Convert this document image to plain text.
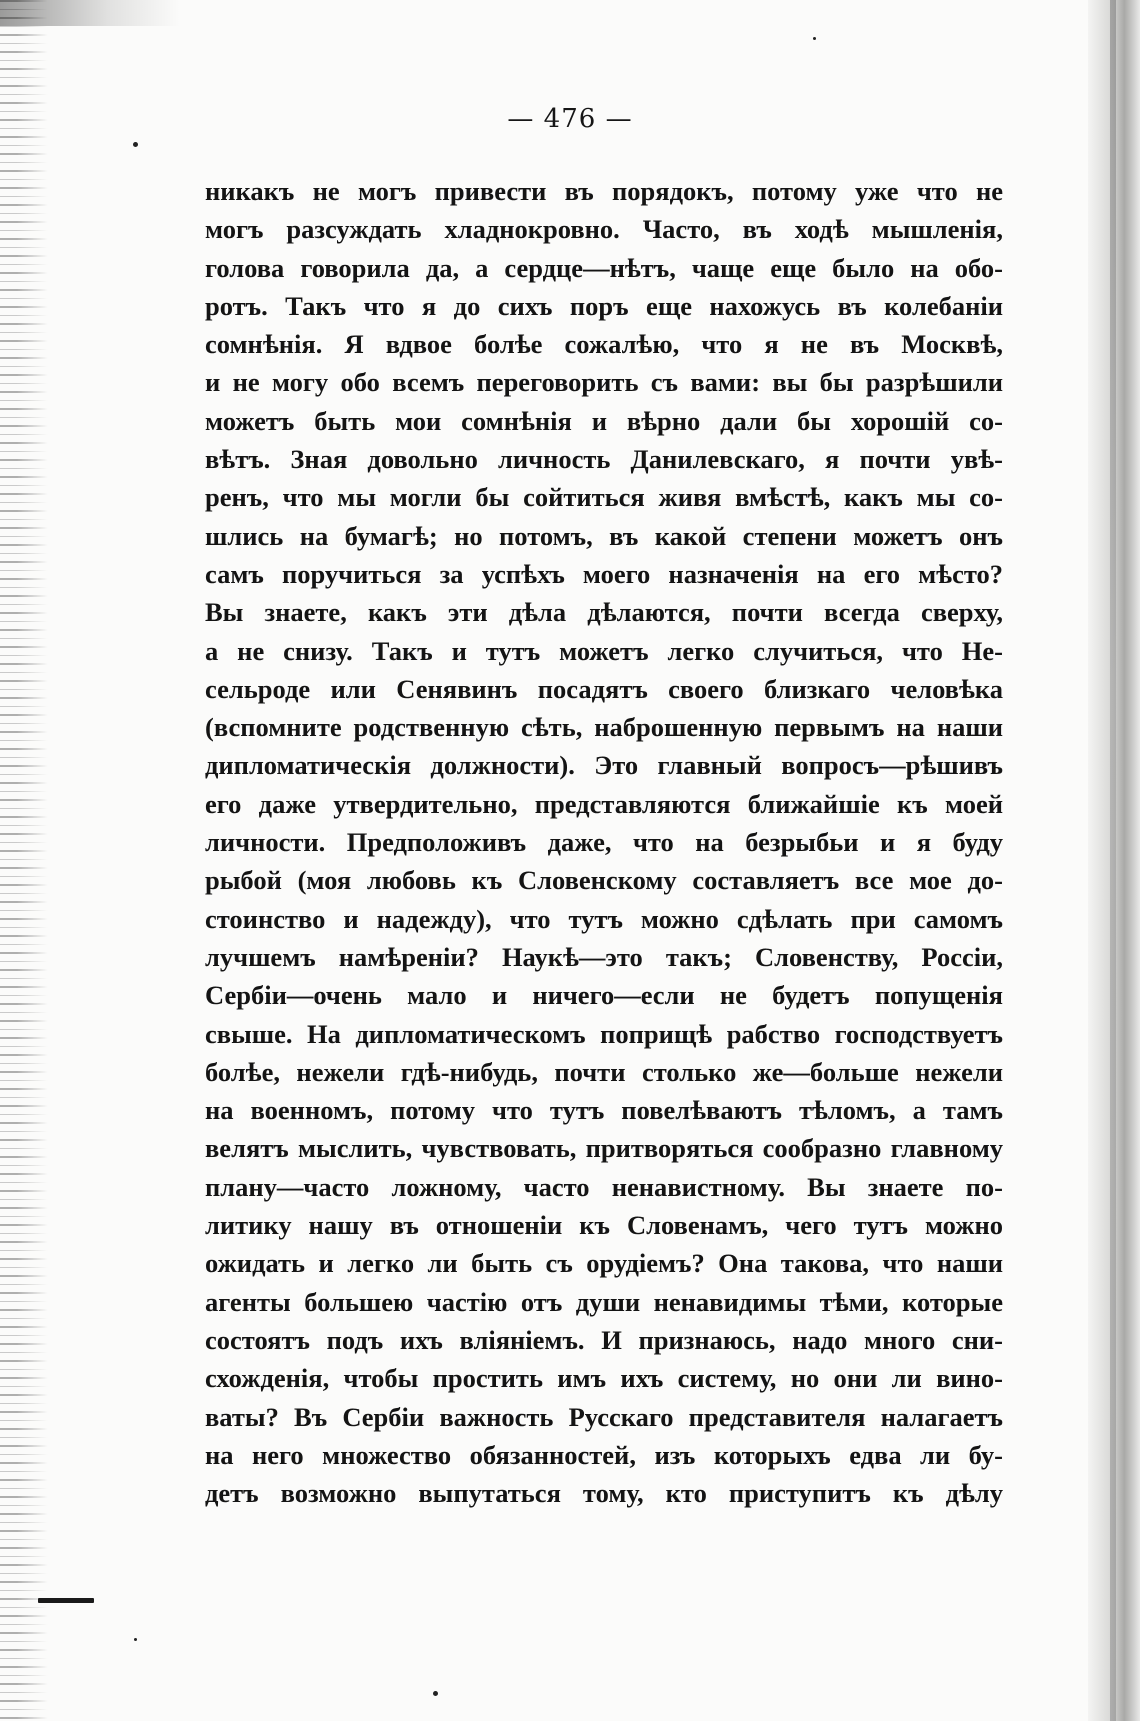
— 476 —
никакъ не могъ привести въ порядокъ, потому уже что не
могъ разсуждать хладнокровно. Часто, въ ходѣ мышленія,
голова говорила да, а сердце—нѣтъ, чаще еще было на обо-
ротъ. Такъ что я до сихъ поръ еще нахожусь въ колебаніи
сомнѣнія. Я вдвое болѣе сожалѣю, что я не въ Москвѣ,
и не могу обо всемъ переговорить съ вами: вы бы разрѣшили
можетъ быть мои сомнѣнія и вѣрно дали бы хорошій со-
вѣтъ. Зная довольно личность Данилевскаго, я почти увѣ-
ренъ, что мы могли бы сойтиться живя вмѣстѣ, какъ мы со-
шлись на бумагѣ; но потомъ, въ какой степени можетъ онъ
самъ поручиться за успѣхъ моего назначенія на его мѣсто?
Вы знаете, какъ эти дѣла дѣлаются, почти всегда сверху,
а не снизу. Такъ и тутъ можетъ легко случиться, что Не-
сельроде или Сенявинъ посадятъ своего близкаго человѣка
(вспомните родственную сѣть, наброшенную первымъ на наши
дипломатическія должности). Это главный вопросъ—рѣшивъ
его даже утвердительно, представляются ближайшіе къ моей
личности. Предположивъ даже, что на безрыбьи и я буду
рыбой (моя любовь къ Словенскому составляетъ все мое до-
стоинство и надежду), что тутъ можно сдѣлать при самомъ
лучшемъ намѣреніи? Наукѣ—это такъ; Словенству, Россіи,
Сербіи—очень мало и ничего—если не будетъ попущенія
свыше. На дипломатическомъ поприщѣ рабство господствуетъ
болѣе, нежели гдѣ-нибудь, почти столько же—больше нежели
на военномъ, потому что тутъ повелѣваютъ тѣломъ, а тамъ
велятъ мыслить, чувствовать, притворяться сообразно главному
плану—часто ложному, часто ненавистному. Вы знаете по-
литику нашу въ отношеніи къ Словенамъ, чего тутъ можно
ожидать и легко ли быть съ орудіемъ? Она такова, что наши
агенты большею частію отъ души ненавидимы тѣми, которые
состоятъ подъ ихъ вліяніемъ. И признаюсь, надо много сни-
схожденія, чтобы простить имъ ихъ систему, но они ли вино-
ваты? Въ Сербіи важность Русскаго представителя налагаетъ
на него множество обязанностей, изъ которыхъ едва ли бу-
детъ возможно выпутаться тому, кто приступитъ къ дѣлу
